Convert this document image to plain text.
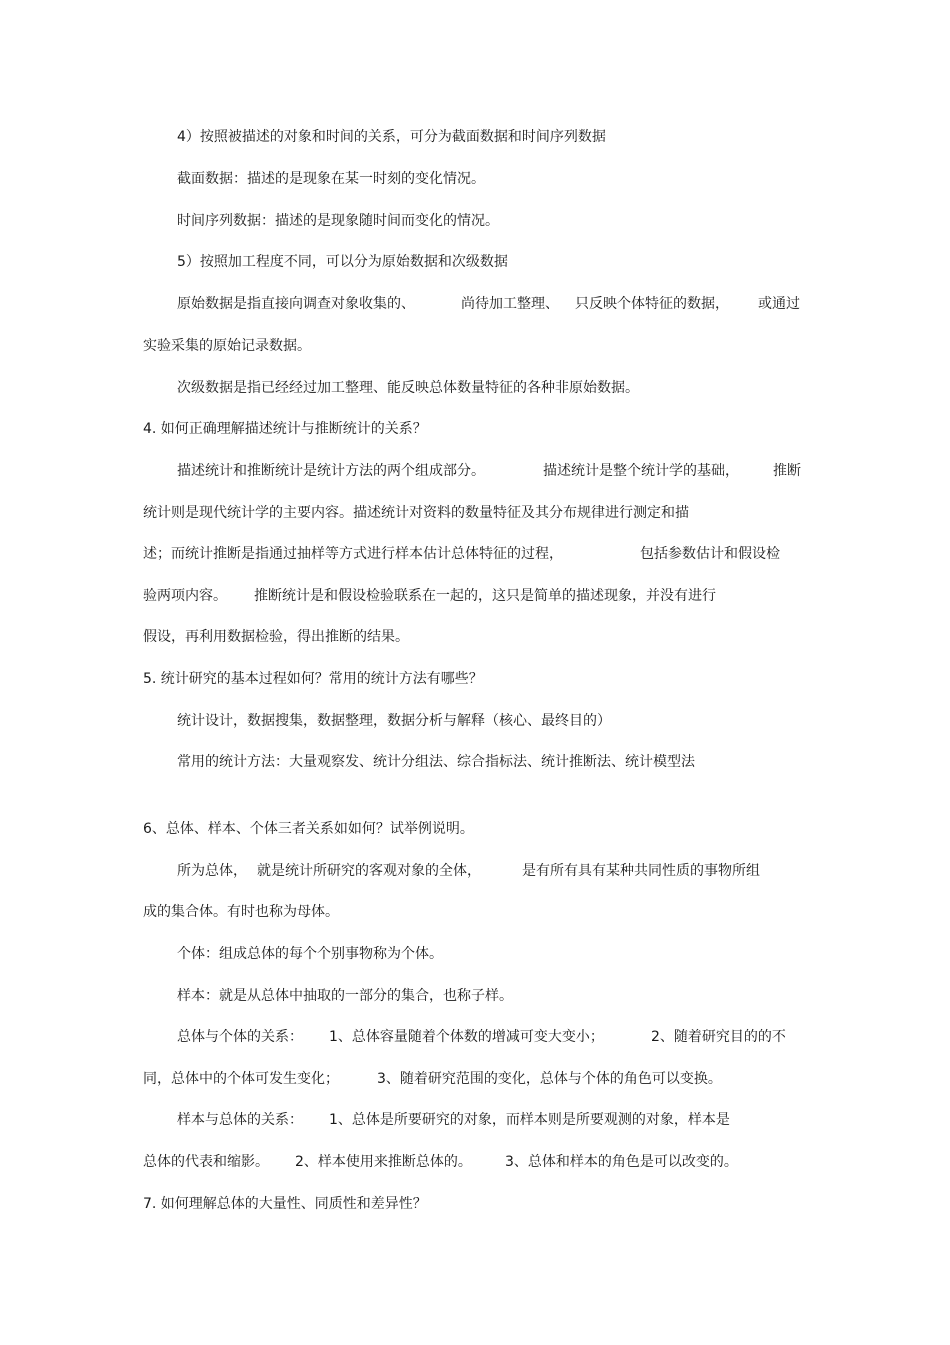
4）按照被描述的对象和时间的关系，可分为截面数据和时间序列数据

截面数据：描述的是现象在某一时刻的变化情况。

时间序列数据：描述的是现象随时间而变化的情况。

5）按照加工程度不同，可以分为原始数据和次级数据

原始数据是指直接向调查对象收集的、	尚待加工整理、 只反映个体特征的数据， 或通过

实验采集的原始记录数据。

次级数据是指已经经过加工整理、能反映总体数量特征的各种非原始数据。

4. 如何正确理解描述统计与推断统计的关系？

描述统计和推断统计是统计方法的两个组成部分。	描述统计是整个统计学的基础， 推断

统计则是现代统计学的主要内容。描述统计对资料的数量特征及其分布规律进行测定和描

述；而统计推断是指通过抽样等方式进行样本估计总体特征的过程，	包括参数估计和假设检
验两项内容。 推断统计是和假设检验联系在一起的，这只是简单的描述现象，并没有进行

假设，再利用数据检验，得出推断的结果。

5. 统计研究的基本过程如何？常用的统计方法有哪些？

统计设计，数据搜集，数据整理，数据分析与解释（核心、最终目的）

常用的统计方法：大量观察发、统计分组法、综合指标法、统计推断法、统计模型法

6、总体、样本、个体三者关系如如何？试举例说明。

所为总体， 就是统计所研究的客观对象的全体，	是有所有具有某种共同性质的事物所组

成的集合体。有时也称为母体。

个体：组成总体的每个个别事物称为个体。

样本：就是从总体中抽取的一部分的集合，也称子样。

总体与个体的关系： 1、总体容量随着个体数的增减可变大变小；	2、随着研究目的的不
同，总体中的个体可发生变化；	3、随着研究范围的变化，总体与个体的角色可以变换。
样本与总体的关系： 1、总体是所要研究的对象，而样本则是所要观测的对象，样本是
总体的代表和缩影。 2、样本使用来推断总体的。 3、总体和样本的角色是可以改变的。

7. 如何理解总体的大量性、同质性和差异性？
